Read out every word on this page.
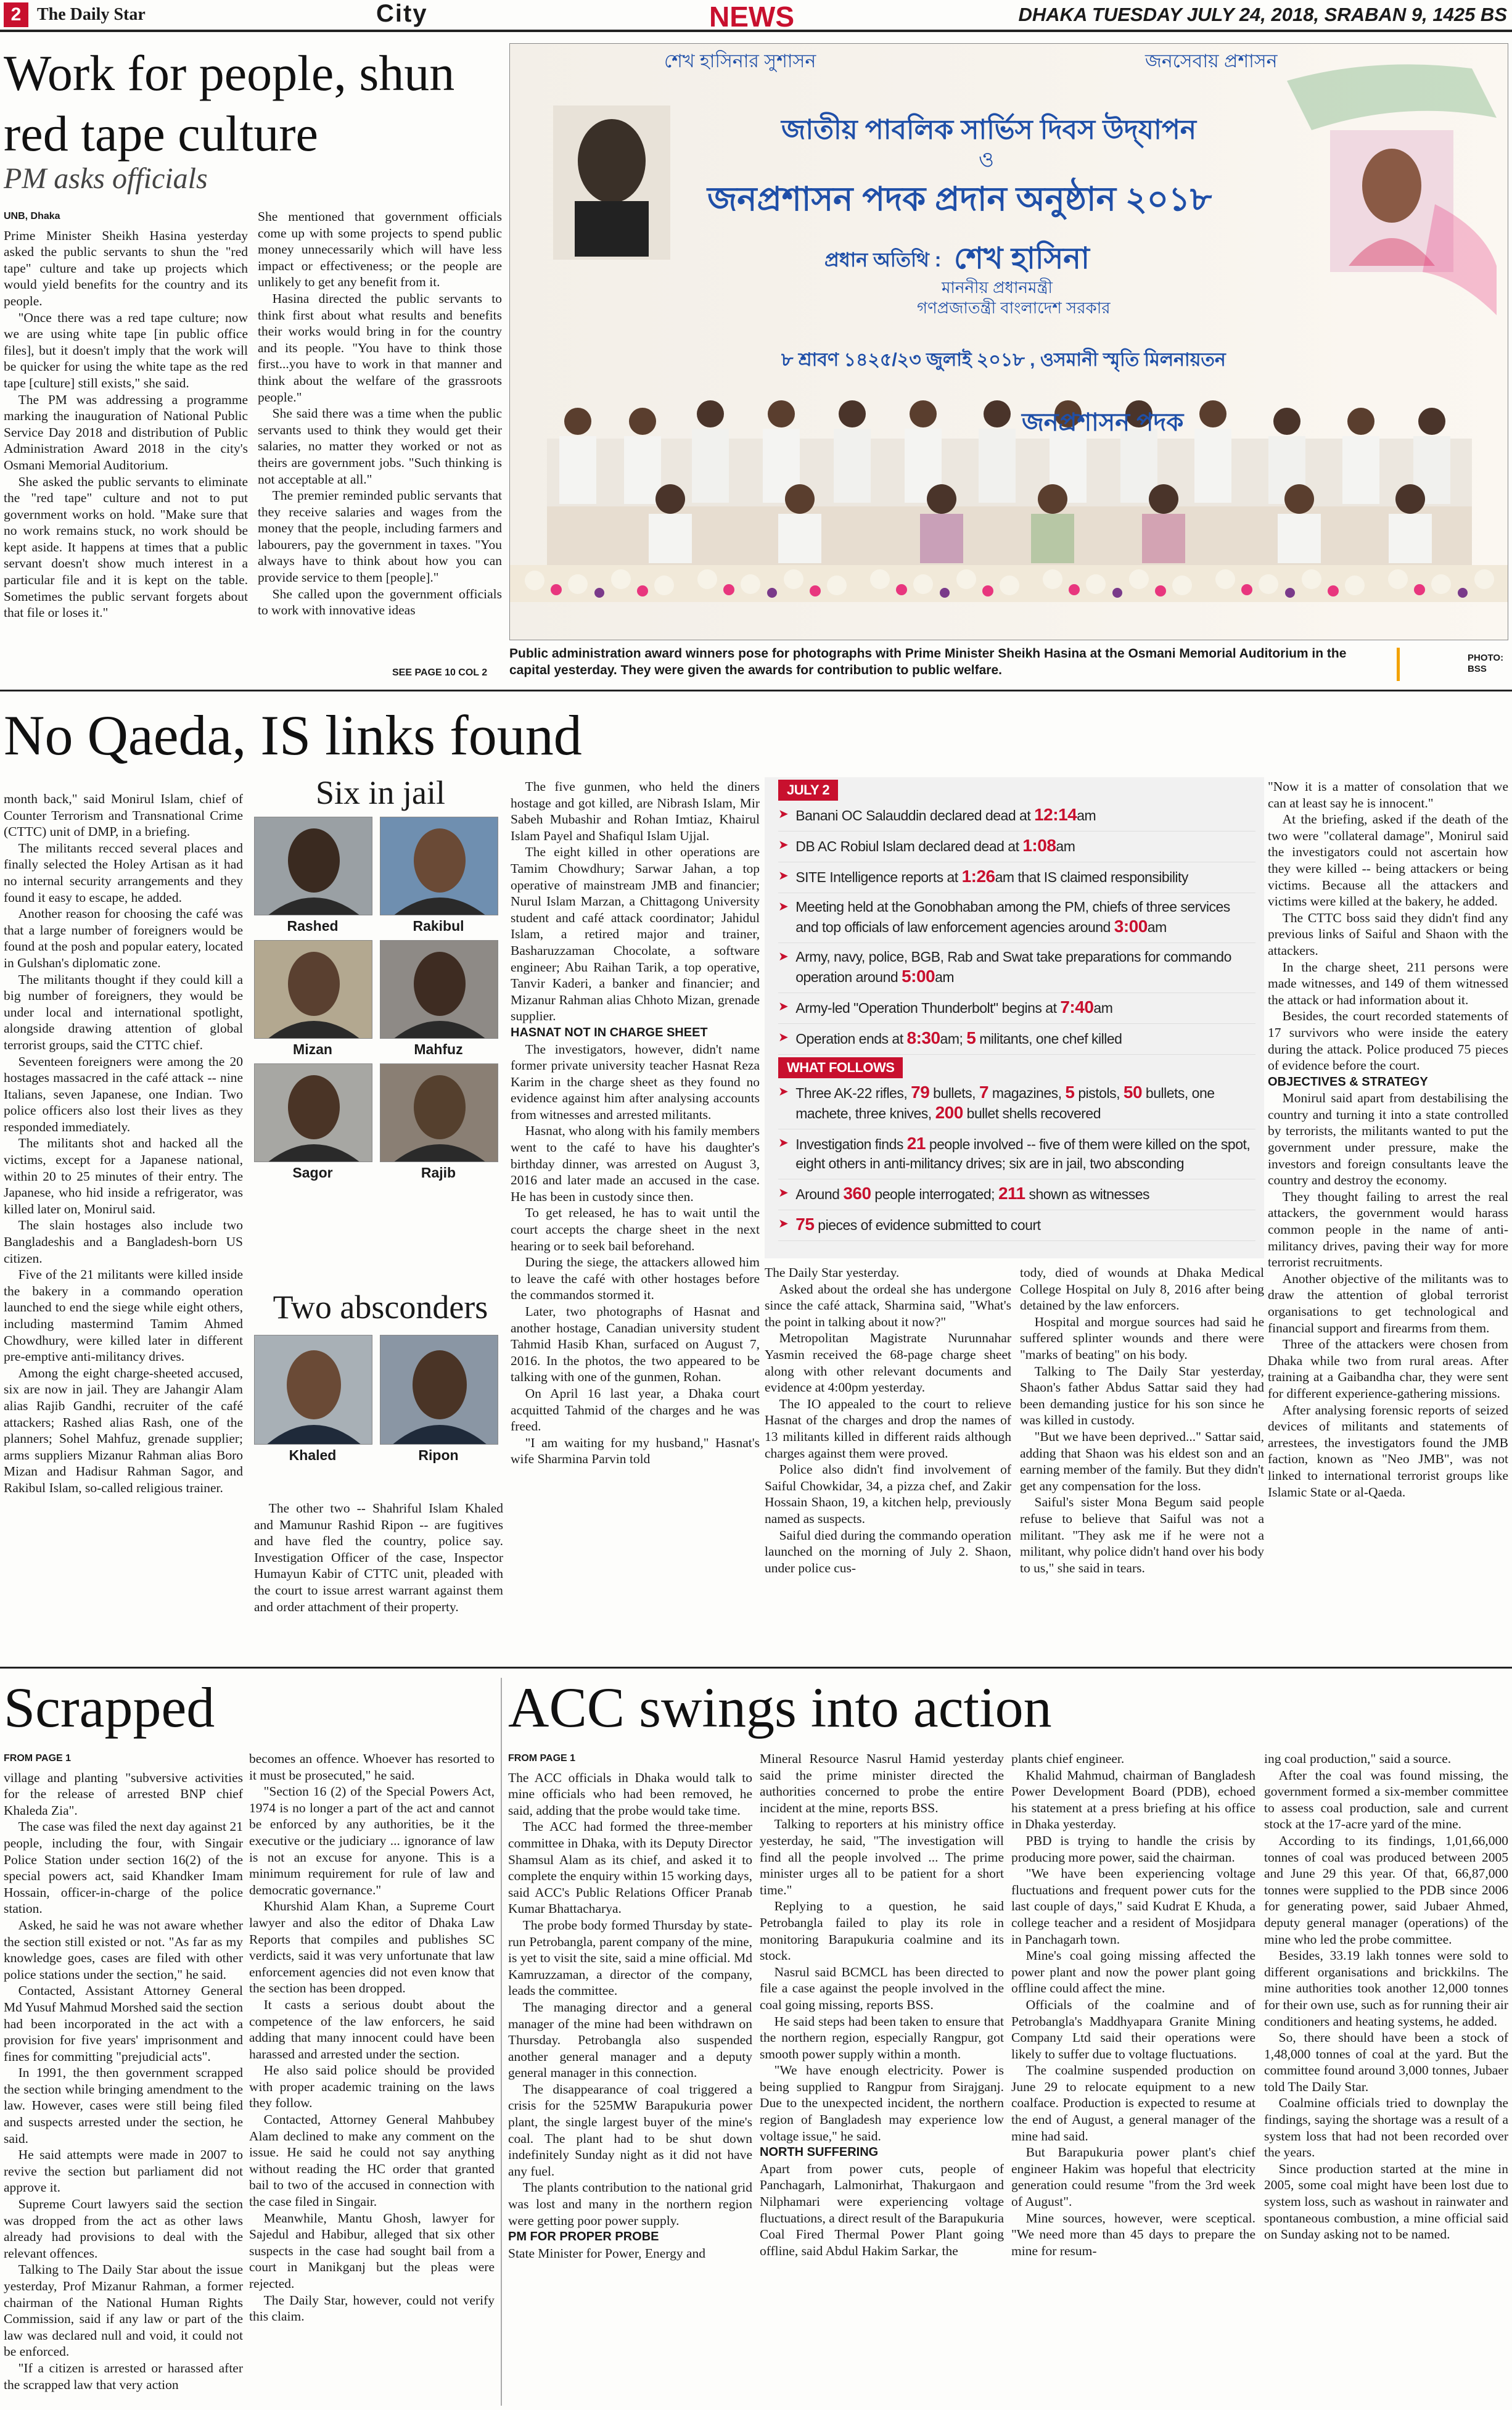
2 The Daily Star	City	NEWS	DHAKA TUESDAY JULY 24, 2018, SRABAN 9, 1425 BS
Work for people, shun
red tape culture
PM asks officials

UNB, Dhaka

Prime Minister Sheikh Hasina yesterday asked the public servants to shun the "red tape" culture and take up projects which would yield benefits for the country and its people.

"Once there was a red tape culture; now we are using white tape [in public office files], but it doesn't imply that the work will be quicker for using the white tape as the red tape [culture] still exists," she said.

The PM was addressing a programme marking the inauguration of National Public Service Day 2018 and distribution of Public Administration Award 2018 in the city's Osmani Memorial Auditorium.

She asked the public servants to eliminate the "red tape" culture and not to put government works on hold. "Make sure that no work remains stuck, no work should be kept aside. It happens at times that a public servant doesn't show much interest in a particular file and it is kept on the table. Sometimes the public servant forgets about that file or loses it."

She mentioned that government officials come up with some projects to spend public money unnecessarily which will have less impact or effectiveness; or the people are unlikely to get any benefit from it.

Hasina directed the public servants to think first about what results and benefits their works would bring in for the country and its people. "You have to think those first...you have to work in that manner and think about the welfare of the grassroots people."

She said there was a time when the public servants used to think they would get their salaries, no matter they worked or not as theirs are government jobs. "Such thinking is not acceptable at all."

The premier reminded public servants that they receive salaries and wages from the money that the people, including farmers and labourers, pay the government in taxes. "You always have to think about how you can provide service to them [people]."

She called upon the government officials to work with innovative ideas

SEE PAGE 10 COL 2
শেখ হাসিনার সুশাসন	জনসেবায় প্রশাসন
জাতীয় পাবলিক সার্ভিস দিবস উদ্‌যাপন
ও
জনপ্রশাসন পদক প্রদান অনুষ্ঠান ২০১৮
প্রধান অতিথি : শেখ হাসিনা
মাননীয় প্রধানমন্ত্রী
গণপ্রজাতন্ত্রী বাংলাদেশ সরকার
৮ শ্রাবণ ১৪২৫/২৩ জুলাই ২০১৮ , ওসমানী স্মৃতি মিলনায়তন
জনপ্রশাসন পদক
Public administration award winners pose for photographs with Prime Minister Sheikh Hasina at the Osmani Memorial Auditorium in the capital yesterday. They were given the awards for contribution to public welfare.
PHOTO:
BSS
No Qaeda, IS links found

month back," said Monirul Islam, chief of Counter Terrorism and Transnational Crime (CTTC) unit of DMP, in a briefing.

The militants recced several places and finally selected the Holey Artisan as it had no internal security arrangements and they found it easy to escape, he added.

Another reason for choosing the café was that a large number of foreigners would be found at the posh and popular eatery, located in Gulshan's diplomatic zone.

The militants thought if they could kill a big number of foreigners, they would be under local and international spotlight, alongside drawing attention of global terrorist groups, said the CTTC chief.

Seventeen foreigners were among the 20 hostages massacred in the café attack -- nine Italians, seven Japanese, one Indian. Two police officers also lost their lives as they responded immediately.

The militants shot and hacked all the victims, except for a Japanese national, within 20 to 25 minutes of their entry. The Japanese, who hid inside a refrigerator, was killed later on, Monirul said.

The slain hostages also include two Bangladeshis and a Bangladesh-born US citizen.

Five of the 21 militants were killed inside the bakery in a commando operation launched to end the siege while eight others, including mastermind Tamim Ahmed Chowdhury, were killed later in different pre-emptive anti-militancy drives.

Among the eight charge-sheeted accused, six are now in jail. They are Jahangir Alam alias Rajib Gandhi, recruiter of the café attackers; Rashed alias Rash, one of the planners; Sohel Mahfuz, grenade supplier; arms suppliers Mizanur Rahman alias Boro Mizan and Hadisur Rahman Sagor, and Rakibul Islam, so-called religious trainer.

Six in jail
Rashed	Rakibul
Mizan	Mahfuz
Sagor	Rajib
Khaled	Ripon
Two absconders

The other two -- Shahriful Islam Khaled and Mamunur Rashid Ripon -- are fugitives and have fled the country, police say. Investigation Officer of the case, Inspector Humayun Kabir of CTTC unit, pleaded with the court to issue arrest warrant against them and order attachment of their property.

The five gunmen, who held the diners hostage and got killed, are Nibrash Islam, Mir Sabeh Mubashir and Rohan Imtiaz, Khairul Islam Payel and Shafiqul Islam Ujjal.

The eight killed in other operations are Tamim Chowdhury; Sarwar Jahan, a top operative of mainstream JMB and financier; Nurul Islam Marzan, a Chittagong University student and café attack coordinator; Jahidul Islam, a retired major and trainer, Basharuzzaman Chocolate, a software engineer; Abu Raihan Tarik, a top operative, Tanvir Kaderi, a banker and financier; and Mizanur Rahman alias Chhoto Mizan, grenade supplier.

HASNAT NOT IN CHARGE SHEET

The investigators, however, didn't name former private university teacher Hasnat Reza Karim in the charge sheet as they found no evidence against him after analysing accounts from witnesses and arrested militants.

Hasnat, who along with his family members went to the café to have his daughter's birthday dinner, was arrested on August 3, 2016 and later made an accused in the case. He has been in custody since then.

To get released, he has to wait until the court accepts the charge sheet in the next hearing or to seek bail beforehand.

During the siege, the attackers allowed him to leave the café with other hostages before the commandos stormed it.

Later, two photographs of Hasnat and another hostage, Canadian university student Tahmid Hasib Khan, surfaced on August 7, 2016. In the photos, the two appeared to be talking with one of the gunmen, Rohan.

On April 16 last year, a Dhaka court acquitted Tahmid of the charges and he was freed.

"I am waiting for my husband," Hasnat's wife Sharmina Parvin told

JULY 2
➤ Banani OC Salauddin declared dead at 12:14am
➤ DB AC Robiul Islam declared dead at 1:08am
➤ SITE Intelligence reports at 1:26am that IS claimed responsibility
➤ Meeting held at the Gonobhaban among the PM, chiefs of three services and top officials of law enforcement agencies around 3:00am
➤ Army, navy, police, BGB, Rab and Swat take preparations for commando operation around 5:00am
➤ Army-led "Operation Thunderbolt" begins at 7:40am
➤ Operation ends at 8:30am; 5 militants, one chef killed
WHAT FOLLOWS
➤ Three AK-22 rifles, 79 bullets, 7 magazines, 5 pistols, 50 bullets, one machete, three knives, 200 bullet shells recovered
➤ Investigation finds 21 people involved -- five of them were killed on the spot, eight others in anti-militancy drives; six are in jail, two absconding
➤ Around 360 people interrogated; 211 shown as witnesses
➤ 75 pieces of evidence submitted to court

The Daily Star yesterday.

Asked about the ordeal she has undergone since the café attack, Sharmina said, "What's the point in talking about it now?"

Metropolitan Magistrate Nurunnahar Yasmin received the 68-page charge sheet along with other relevant documents and evidence at 4:00pm yesterday.

The IO appealed to the court to relieve Hasnat of the charges and drop the names of 13 militants killed in different raids although charges against them were proved.

Police also didn't find involvement of Saiful Chowkidar, 34, a pizza chef, and Zakir Hossain Shaon, 19, a kitchen help, previously named as suspects.

Saiful died during the commando operation launched on the morning of July 2. Shaon, under police cus-

tody, died of wounds at Dhaka Medical College Hospital on July 8, 2016 after being detained by the law enforcers.

Hospital and morgue sources had said he suffered splinter wounds and there were "marks of beating" on his body.

Talking to The Daily Star yesterday, Shaon's father Abdus Sattar said they had been demanding justice for his son since he was killed in custody.

"But we have been deprived..." Sattar said, adding that Shaon was his eldest son and an earning member of the family. But they didn't get any compensation for the loss.

Saiful's sister Mona Begum said people refuse to believe that Saiful was not a militant. "They ask me if he were not a militant, why police didn't hand over his body to us," she said in tears.

"Now it is a matter of consolation that we can at least say he is innocent."

At the briefing, asked if the death of the two were "collateral damage", Monirul said the investigators could not ascertain how they were killed -- being attackers or being victims. Because all the attackers and victims were killed at the bakery, he added.

The CTTC boss said they didn't find any previous links of Saiful and Shaon with the attackers.

In the charge sheet, 211 persons were made witnesses, and 149 of them witnessed the attack or had information about it.

Besides, the court recorded statements of 17 survivors who were inside the eatery during the attack. Police produced 75 pieces of evidence before the court.

OBJECTIVES & STRATEGY

Monirul said apart from destabilising the country and turning it into a state controlled by terrorists, the militants wanted to put the government under pressure, make the investors and foreign consultants leave the country and destroy the economy.

They thought failing to arrest the real attackers, the government would harass common people in the name of anti-militancy drives, paving their way for more terrorist recruitments.

Another objective of the militants was to draw the attention of global terrorist organisations to get technological and financial support and firearms from them.

Three of the attackers were chosen from Dhaka while two from rural areas. After training at a Gaibandha char, they were sent for different experience-gathering missions.

After analysing forensic reports of seized devices of militants and statements of arrestees, the investigators found the JMB faction, known as "Neo JMB", was not linked to international terrorist groups like Islamic State or al-Qaeda.

Scrapped

FROM PAGE 1

village and planting "subversive activities for the release of arrested BNP chief Khaleda Zia".

The case was filed the next day against 21 people, including the four, with Singair Police Station under section 16(2) of the special powers act, said Khandker Imam Hossain, officer-in-charge of the police station.

Asked, he said he was not aware whether the section still existed or not. "As far as my knowledge goes, cases are filed with other police stations under the section," he said.

Contacted, Assistant Attorney General Md Yusuf Mahmud Morshed said the section had been incorporated in the act with a provision for five years' imprisonment and fines for committing "prejudicial acts".

In 1991, the then government scrapped the section while bringing amendment to the law. However, cases were still being filed and suspects arrested under the section, he said.

He said attempts were made in 2007 to revive the section but parliament did not approve it.

Supreme Court lawyers said the section was dropped from the act as other laws already had provisions to deal with the relevant offences.

Talking to The Daily Star about the issue yesterday, Prof Mizanur Rahman, a former chairman of the National Human Rights Commission, said if any law or part of the law was declared null and void, it could not be enforced.

"If a citizen is arrested or harassed after the scrapped law that very action

becomes an offence. Whoever has resorted to it must be prosecuted," he said.

"Section 16 (2) of the Special Powers Act, 1974 is no longer a part of the act and cannot be enforced by any authorities, be it the executive or the judiciary ... ignorance of law is not an excuse for anyone. This is a minimum requirement for rule of law and democratic governance."

Khurshid Alam Khan, a Supreme Court lawyer and also the editor of Dhaka Law Reports that compiles and publishes SC verdicts, said it was very unfortunate that law enforcement agencies did not even know that the section has been dropped.

It casts a serious doubt about the competence of the law enforcers, he said adding that many innocent could have been harassed and arrested under the section.

He also said police should be provided with proper academic training on the laws they follow.

Contacted, Attorney General Mahbubey Alam declined to make any comment on the issue. He said he could not say anything without reading the HC order that granted bail to two of the accused in connection with the case filed in Singair.

Meanwhile, Mantu Ghosh, lawyer for Sajedul and Habibur, alleged that six other suspects in the case had sought bail from a court in Manikganj but the pleas were rejected.

The Daily Star, however, could not verify this claim.

ACC swings into action

FROM PAGE 1

The ACC officials in Dhaka would talk to mine officials who had been removed, he said, adding that the probe would take time.

The ACC had formed the three-member committee in Dhaka, with its Deputy Director Shamsul Alam as its chief, and asked it to complete the enquiry within 15 working days, said ACC's Public Relations Officer Pranab Kumar Bhattacharya.

The probe body formed Thursday by state-run Petrobangla, parent company of the mine, is yet to visit the site, said a mine official. Md Kamruzzaman, a director of the company, leads the committee.

The managing director and a general manager of the mine had been withdrawn on Thursday. Petrobangla also suspended another general manager and a deputy general manager in this connection.

The disappearance of coal triggered a crisis for the 525MW Barapukuria power plant, the single largest buyer of the mine's coal. The plant had to be shut down indefinitely Sunday night as it did not have any fuel.

The plants contribution to the national grid was lost and many in the northern region were getting poor power supply.

PM FOR PROPER PROBE

State Minister for Power, Energy and

Mineral Resource Nasrul Hamid yesterday said the prime minister directed the authorities concerned to probe the entire incident at the mine, reports BSS.

Talking to reporters at his ministry office yesterday, he said, "The investigation will find all the people involved ... The prime minister urges all to be patient for a short time."

Replying to a question, he said Petrobangla failed to play its role in monitoring Barapukuria coalmine and its stock.

Nasrul said BCMCL has been directed to file a case against the people involved in the coal going missing, reports BSS.

He said steps had been taken to ensure that the northern region, especially Rangpur, got smooth power supply within a month.

"We have enough electricity. Power is being supplied to Rangpur from Sirajganj. Due to the unexpected incident, the northern region of Bangladesh may experience low voltage issue," he said.

NORTH SUFFERING

Apart from power cuts, people of Panchagarh, Lalmonirhat, Thakurgaon and Nilphamari were experiencing voltage fluctuations, a direct result of the Barapukuria Coal Fired Thermal Power Plant going offline, said Abdul Hakim Sarkar, the

plants chief engineer.

Khalid Mahmud, chairman of Bangladesh Power Development Board (PDB), echoed his statement at a press briefing at his office in Dhaka yesterday.

PBD is trying to handle the crisis by producing more power, said the chairman.

"We have been experiencing voltage fluctuations and frequent power cuts for the last couple of days," said Kudrat E Khuda, a college teacher and a resident of Mosjidpara in Panchagarh town.

Mine's coal going missing affected the power plant and now the power plant going offline could affect the mine.

Officials of the coalmine and of Petrobangla's Maddhyapara Granite Mining Company Ltd said their operations were likely to suffer due to voltage fluctuations.

The coalmine suspended production on June 29 to relocate equipment to a new coalface. Production is expected to resume at the end of August, a general manager of the mine had said.

But Barapukuria power plant's chief engineer Hakim was hopeful that electricity generation could resume "from the 3rd week of August".

Mine sources, however, were sceptical. "We need more than 45 days to prepare the mine for resum-

ing coal production," said a source.

After the coal was found missing, the government formed a six-member committee to assess coal production, sale and current stock at the 17-acre yard of the mine.

According to its findings, 1,01,66,000 tonnes of coal was produced between 2005 and June 29 this year. Of that, 66,87,000 tonnes were supplied to the PDB since 2006 for generating power, said Jubaer Ahmed, deputy general manager (operations) of the mine who led the probe committee.

Besides, 33.19 lakh tonnes were sold to different organisations and brickkilns. The mine authorities took another 12,000 tonnes for their own use, such as for running their air conditioners and heating systems, he added.

So, there should have been a stock of 1,48,000 tonnes of coal at the yard. But the committee found around 3,000 tonnes, Jubaer told The Daily Star.

Coalmine officials tried to downplay the findings, saying the shortage was a result of a system loss that had not been recorded over the years.

Since production started at the mine in 2005, some coal might have been lost due to system loss, such as washout in rainwater and spontaneous combustion, a mine official said on Sunday asking not to be named.
